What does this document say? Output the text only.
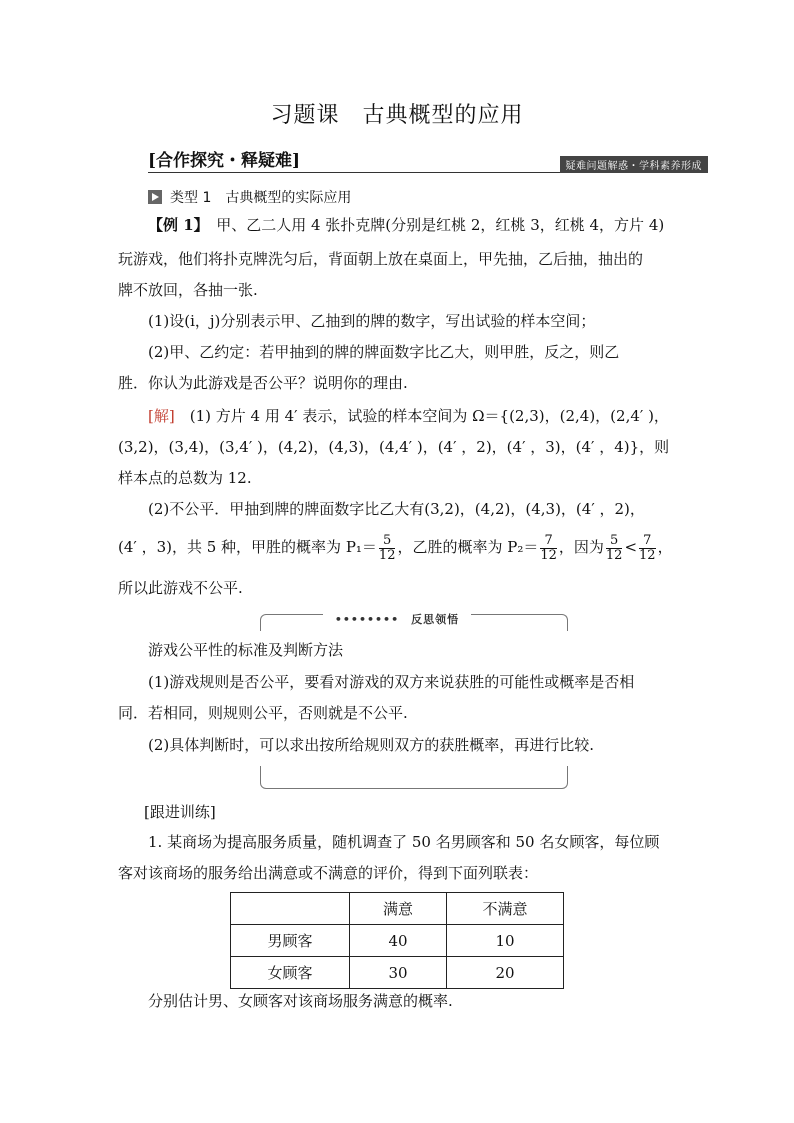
习题课　古典概型的应用
[合作探究・释疑难]	疑难问题解惑・学科素养形成
类型 1　古典概型的实际应用
【例 1】　 甲、乙二人用 4 张扑克牌(分别是红桃 2，红桃 3，红桃 4，方片 4)
玩游戏，他们将扑克牌洗匀后，背面朝上放在桌面上，甲先抽，乙后抽，抽出的
牌不放回，各抽一张.
(1)设(i，j)分别表示甲、乙抽到的牌的数字，写出试验的样本空间；
(2)甲、乙约定：若甲抽到的牌的牌面数字比乙大，则甲胜，反之，则乙
胜．你认为此游戏是否公平？说明你的理由.
[解]　 (1) 方片 4 用 4′ 表示，试验的样本空间为 Ω＝{(2,3)，(2,4)，(2,4′ )，
(3,2)，(3,4)，(3,4′ )，(4,2)，(4,3)，(4,4′ )，(4′ ，2)，(4′ ，3)，(4′ ，4)}，则
样本点的总数为 12.
(2)不公平．甲抽到牌的牌面数字比乙大有(3,2)，(4,2)，(4,3)，(4′ ，2)，
(4′ ，3)，共 5 种，甲胜的概率为 $P_1= \frac{5}{12}$ ，乙胜的概率为 $P_2= \frac{7}{12}$ ，因为 $\frac{5}{12} < \frac{7}{12}$ ，
所以此游戏不公平.
•••••••• 反思领悟
游戏公平性的标准及判断方法
(1)游戏规则是否公平，要看对游戏的双方来说获胜的可能性或概率是否相
同．若相同，则规则公平，否则就是不公平.
(2)具体判断时，可以求出按所给规则双方的获胜概率，再进行比较.
[跟进训练]
1. 某商场为提高服务质量，随机调查了 50 名男顾客和 50 名女顾客，每位顾
客对该商场的服务给出满意或不满意的评价，得到下面列联表：
	满意	不满意
男顾客	40	10
女顾客	30	20
分别估计男、女顾客对该商场服务满意的概率.
